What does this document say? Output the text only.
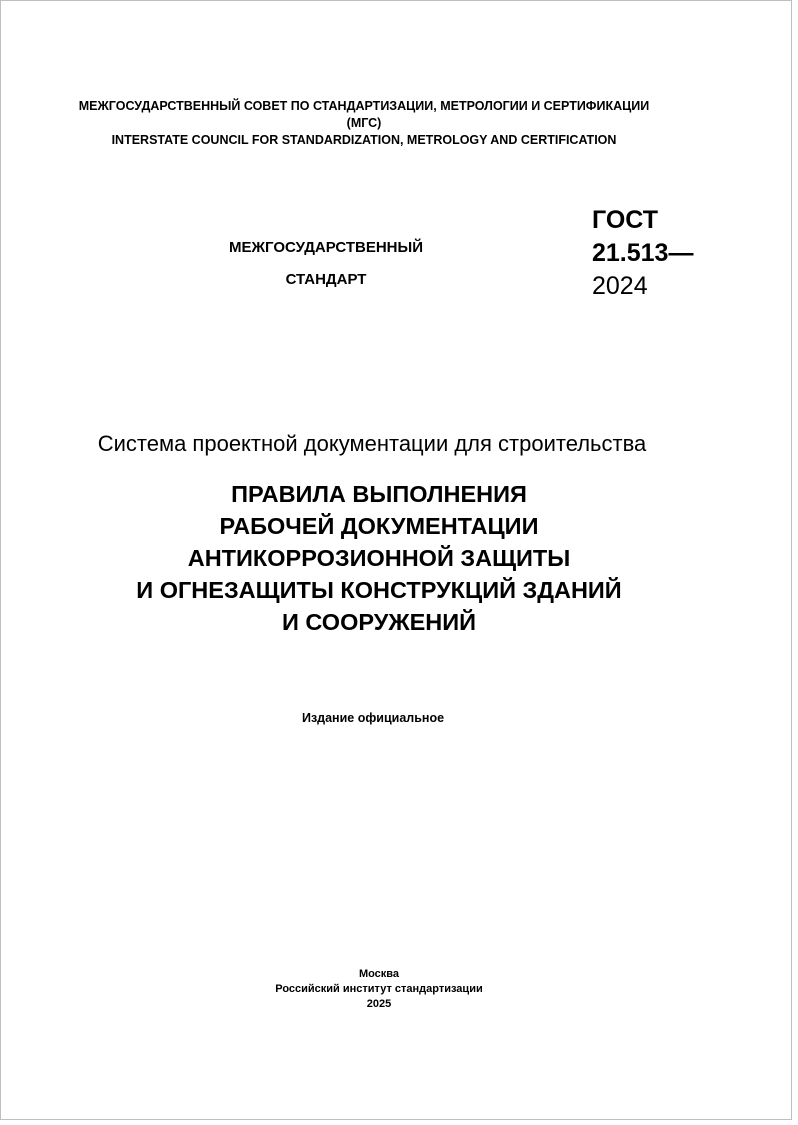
МЕЖГОСУДАРСТВЕННЫЙ СОВЕТ ПО СТАНДАРТИЗАЦИИ, МЕТРОЛОГИИ И СЕРТИФИКАЦИИ
(МГС)
INTERSTATE COUNCIL FOR STANDARDIZATION, METROLOGY AND CERTIFICATION
МЕЖГОСУДАРСТВЕННЫЙ
СТАНДАРТ
ГОСТ
21.513—
2024
Система проектной документации для строительства
ПРАВИЛА ВЫПОЛНЕНИЯ
РАБОЧЕЙ ДОКУМЕНТАЦИИ
АНТИКОРРОЗИОННОЙ ЗАЩИТЫ
И ОГНЕЗАЩИТЫ КОНСТРУКЦИЙ ЗДАНИЙ
И СООРУЖЕНИЙ
Издание официальное
Москва
Российский институт стандартизации
2025
